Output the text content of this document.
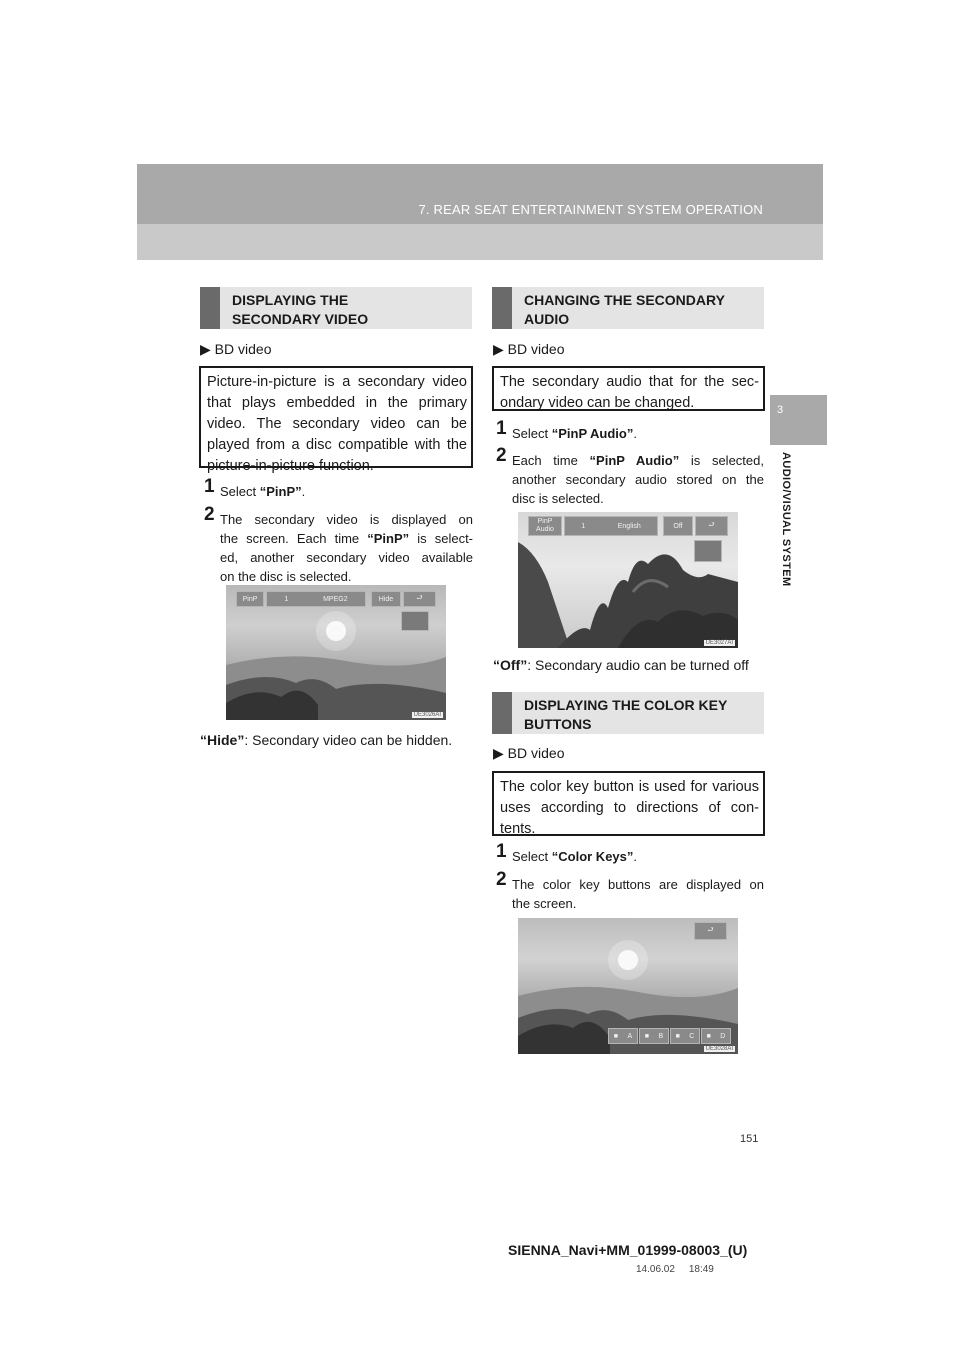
7. REAR SEAT ENTERTAINMENT SYSTEM OPERATION
3
AUDIO/VISUAL SYSTEM
DISPLAYING THE
SECONDARY VIDEO
▶ BD video
Picture-in-picture is a secondary video
that plays embedded in the primary
video. The secondary video can be
played from a disc compatible with the
picture-in-picture function.
1 Select “PinP”.
2 The secondary video is displayed on
the screen. Each time “PinP” is select-
ed, another secondary video available
on the disc is selected.
PinP	1	MPEG2	Hide	⮐
UE3026AI
“Hide”: Secondary video can be hidden.
CHANGING THE SECONDARY
AUDIO
▶ BD video
The secondary audio that for the sec-
ondary video can be changed.
1 Select “PinP Audio”.
2 Each time “PinP Audio” is selected,
another secondary audio stored on the
disc is selected.
PinP
Audio	1	English	Off	⮐
UE3027AI
“Off”: Secondary audio can be turned off
DISPLAYING THE COLOR KEY
BUTTONS
▶ BD video
The color key button is used for various
uses according to directions of con-
tents.
1 Select “Color Keys”.
2 The color key buttons are displayed on
the screen.
⮐
■ A ■ B ■ C ■ D
UE3028AI
151
SIENNA_Navi+MM_01999-08003_(U)
14.06.02     18:49
